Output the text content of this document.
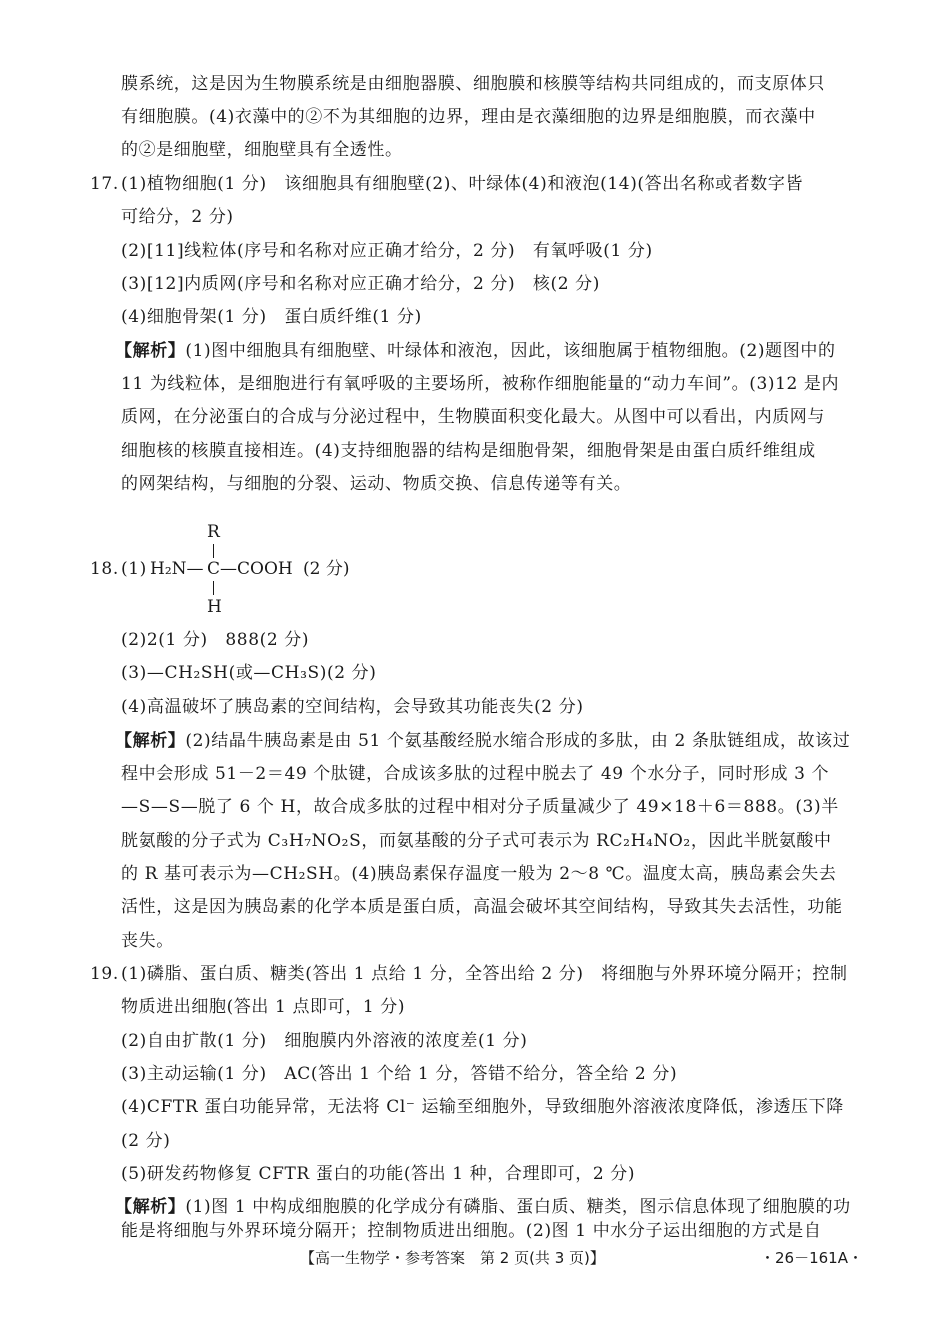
膜系统，这是因为生物膜系统是由细胞器膜、细胞膜和核膜等结构共同组成的，而支原体只
有细胞膜。(4)衣藻中的②不为其细胞的边界，理由是衣藻细胞的边界是细胞膜，而衣藻中
的②是细胞壁，细胞壁具有全透性。
17. (1)植物细胞(1 分)　该细胞具有细胞壁(2)、叶绿体(4)和液泡(14)(答出名称或者数字皆
可给分，2 分)
(2)[11]线粒体(序号和名称对应正确才给分，2 分)　有氧呼吸(1 分)
(3)[12]内质网(序号和名称对应正确才给分，2 分)　核(2 分)
(4)细胞骨架(1 分)　蛋白质纤维(1 分)
【解析】(1)图中细胞具有细胞壁、叶绿体和液泡，因此，该细胞属于植物细胞。(2)题图中的
11 为线粒体，是细胞进行有氧呼吸的主要场所，被称作细胞能量的“动力车间”。(3)12 是内
质网，在分泌蛋白的合成与分泌过程中，生物膜面积变化最大。从图中可以看出，内质网与
细胞核的核膜直接相连。(4)支持细胞器的结构是细胞骨架，细胞骨架是由蛋白质纤维组成
的网架结构，与细胞的分裂、运动、物质交换、信息传递等有关。
18. (1)
R
H₂N— C —COOH (2 分)
H
(2)2(1 分)　888(2 分)
(3)—CH₂SH(或—CH₃S)(2 分)
(4)高温破坏了胰岛素的空间结构，会导致其功能丧失(2 分)
【解析】(2)结晶牛胰岛素是由 51 个氨基酸经脱水缩合形成的多肽，由 2 条肽链组成，故该过
程中会形成 51－2＝49 个肽键，合成该多肽的过程中脱去了 49 个水分子，同时形成 3 个
—S—S—脱了 6 个 H，故合成多肽的过程中相对分子质量减少了 49×18＋6＝888。(3)半
胱氨酸的分子式为 C₃H₇NO₂S，而氨基酸的分子式可表示为 RC₂H₄NO₂，因此半胱氨酸中
的 R 基可表示为—CH₂SH。(4)胰岛素保存温度一般为 2～8 ℃。温度太高，胰岛素会失去
活性，这是因为胰岛素的化学本质是蛋白质，高温会破坏其空间结构，导致其失去活性，功能
丧失。
19. (1)磷脂、蛋白质、糖类(答出 1 点给 1 分，全答出给 2 分)　将细胞与外界环境分隔开；控制
物质进出细胞(答出 1 点即可，1 分)
(2)自由扩散(1 分)　细胞膜内外溶液的浓度差(1 分)
(3)主动运输(1 分)　AC(答出 1 个给 1 分，答错不给分，答全给 2 分)
(4)CFTR 蛋白功能异常，无法将 Cl⁻ 运输至细胞外，导致细胞外溶液浓度降低，渗透压下降
(2 分)
(5)研发药物修复 CFTR 蛋白的功能(答出 1 种，合理即可，2 分)
【解析】(1)图 1 中构成细胞膜的化学成分有磷脂、蛋白质、糖类，图示信息体现了细胞膜的功
能是将细胞与外界环境分隔开；控制物质进出细胞。(2)图 1 中水分子运出细胞的方式是自
【高一生物学・参考答案　第 2 页(共 3 页)】	・26－161A・
